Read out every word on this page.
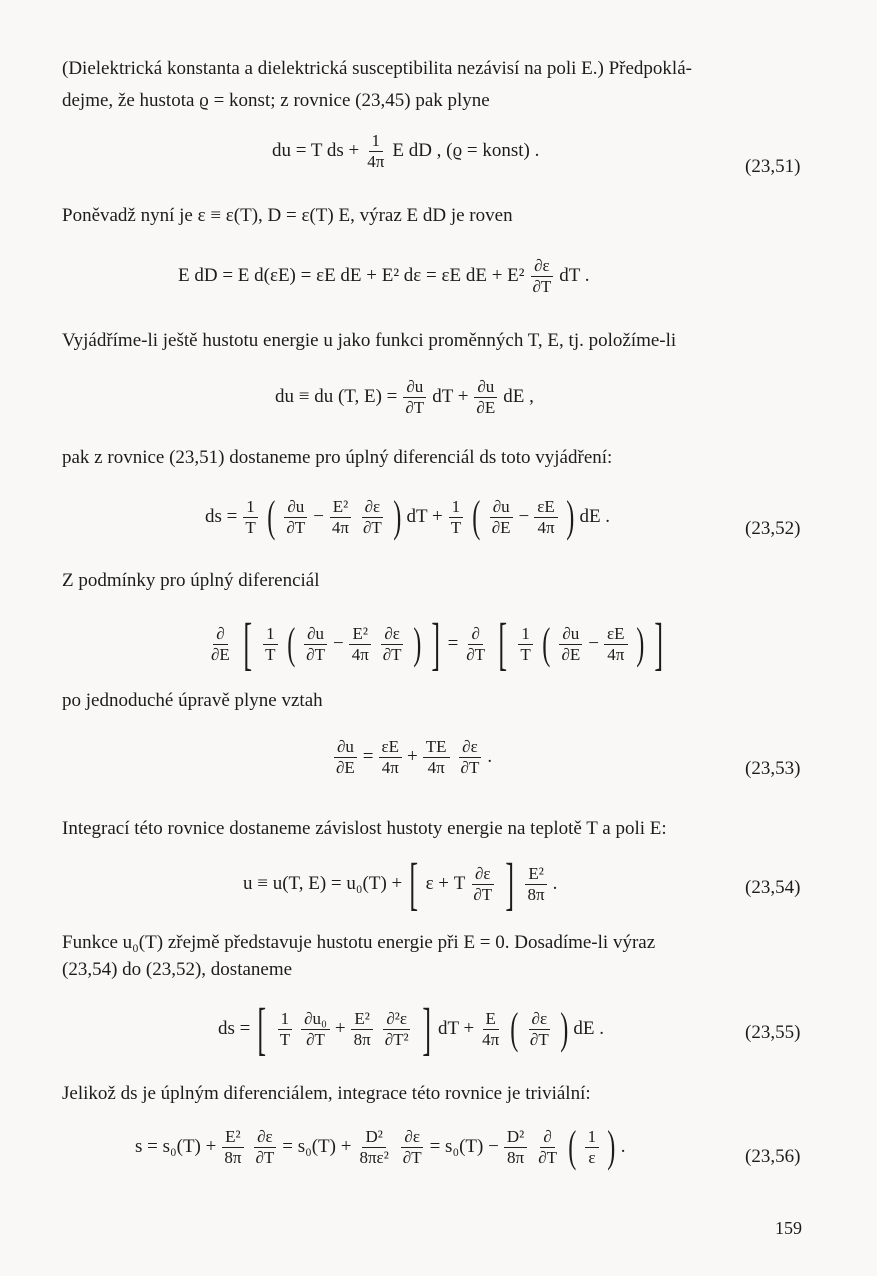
(Dielektrická konstanta a dielektrická susceptibilita nezávisí na poli E.) Předpoklá-
dejme, že hustota ϱ = konst; z rovnice (23,45) pak plyne
du = T ds + $\frac{1}{4\pi}$ E dD , (ϱ = konst) .
(23,51)
Poněvadž nyní je ε ≡ ε(T), D = ε(T) E, výraz E dD je roven
E dD = E d(εE) = εE dE + E² dε = εE dE + $E^2 \frac{\partial\varepsilon}{\partial T}$ dT .
Vyjádříme-li ještě hustotu energie u jako funkci proměnných T, E, tj. položíme-li
du ≡ du (T, $E) = \frac{\partial u}{\partial T}$ dT + $\frac{\partial u}{\partial E}$ dE ,
pak z rovnice (23,51) dostaneme pro úplný diferenciál ds toto vyjádření:
ds = $\frac{1}{T}$ ( $\frac{\partial u}{\partial T} - \frac{\text{E²}}{4\pi} \frac{\partial\varepsilon}{\partial T}$ ) dT + $\frac{1}{T}$ ( $\frac{\partial u}{\partial E} - \frac{\varepsilon E}{4\pi}$ ) dE .
(23,52)
Z podmínky pro úplný diferenciál
$\frac{\partial}{\partial E}$ [ $\frac{1}{T}$ ( $\frac{\partial u}{\partial T} - \frac{\text{E²}}{4\pi} \frac{\partial\varepsilon}{\partial T}$ ) ] = $\frac{\partial}{\partial T}$ [ $\frac{1}{T}$ ( $\frac{\partial u}{\partial E} - \frac{\varepsilon E}{4\pi}$ ) ]
po jednoduché úpravě plyne vztah
$\frac{\partial u}{\partial E} = \frac{\varepsilon E}{4\pi} + \frac{TE}{4\pi} \frac{\partial\varepsilon}{\partial T}$ .
(23,53)
Integrací této rovnice dostaneme závislost hustoty energie na teplotě T a poli E:
u ≡ u(T, E) = u₀(T) + [ ε + T $\frac{\partial\varepsilon}{\partial T}$ ] $\frac{\text{E²}}{8\pi}$ .	(23,54)
Funkce u₀(T) zřejmě představuje hustotu energie při E = 0. Dosadíme-li výraz
(23,54) do (23,52), dostaneme
ds = [ $\frac{1}{T} \frac{\text{∂u₀}}{\partial T} + \frac{\text{E²}}{8\pi} \frac{\text{∂²ε}}{\text{∂T²}}$ ] dT + $\frac{E}{4\pi}$ ( $\frac{\partial\varepsilon}{\partial T}$ ) dE .	(23,55)
Jelikož ds je úplným diferenciálem, integrace této rovnice je triviální:
$s = s_0(T) + \frac{\text{E²}}{8\pi} \frac{\partial\varepsilon}{\partial T} = s_0(T) + \frac{\text{D²}}{\text{8πε²}} \frac{\partial\varepsilon}{\partial T} = s_0(T) - \frac{\text{D²}}{8\pi} \frac{\partial}{\partial T}$ ( $\frac{1}{\varepsilon}$ ) .	(23,56)
159
